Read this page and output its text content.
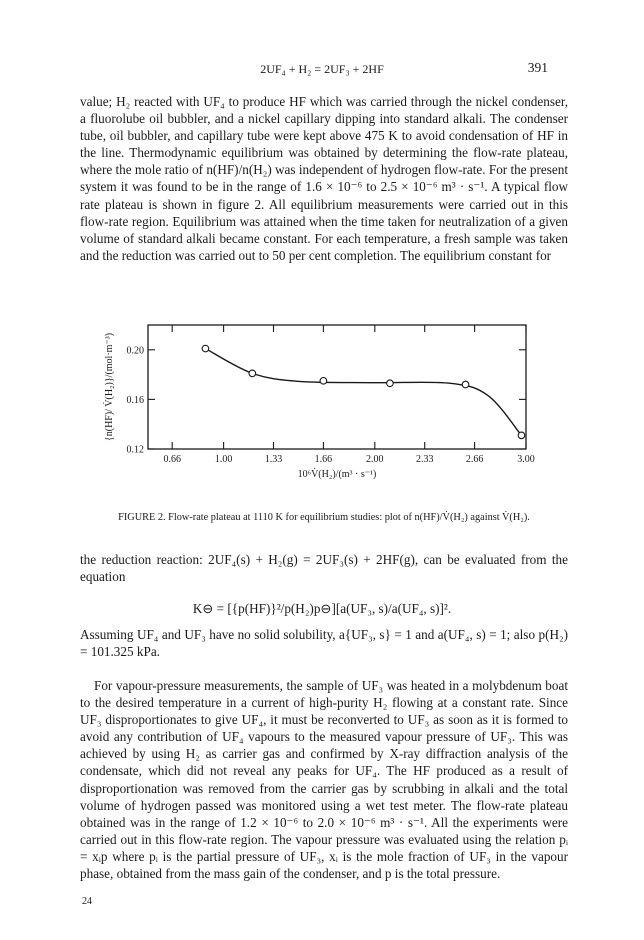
2UF₄ + H₂ = 2UF₃ + 2HF	391

value; H₂ reacted with UF₄ to produce HF which was carried through the nickel condenser, a fluorolube oil bubbler, and a nickel capillary dipping into standard alkali. The condenser tube, oil bubbler, and capillary tube were kept above 475 K to avoid condensation of HF in the line. Thermodynamic equilibrium was obtained by determining the flow-rate plateau, where the mole ratio of n(HF)/n(H₂) was independent of hydrogen flow-rate. For the present system it was found to be in the range of 1.6 × 10⁻⁶ to 2.5 × 10⁻⁶ m³ · s⁻¹. A typical flow rate plateau is shown in figure 2. All equilibrium measurements were carried out in this flow-rate region. Equilibrium was attained when the time taken for neutralization of a given volume of standard alkali became constant. For each temperature, a fresh sample was taken and the reduction was carried out to 50 per cent completion. The equilibrium constant for

0.66	1.00	1.33	1.66	2.00	2.33	2.66	3.00
0.12
0.16
0.20
10⁶V̇(H₂)/(m³ · s⁻¹)
{n(HF)/ V̇(H₂)}/(mol·m⁻³)
FIGURE 2. Flow-rate plateau at 1110 K for equilibrium studies: plot of n(HF)/V̇(H₂) against V̇(H₂).

the reduction reaction: 2UF₄(s) + H₂(g) = 2UF₃(s) + 2HF(g), can be evaluated from the equation

K⊖ = [{p(HF)}²/p(H₂)p⊖][a(UF₃, s)/a(UF₄, s)]².

Assuming UF₄ and UF₃ have no solid solubility, a{UF₃, s} = 1 and a(UF₄, s) = 1; also p(H₂) = 101.325 kPa.

For vapour-pressure measurements, the sample of UF₃ was heated in a molybdenum boat to the desired temperature in a current of high-purity H₂ flowing at a constant rate. Since UF₃ disproportionates to give UF₄, it must be reconverted to UF₃ as soon as it is formed to avoid any contribution of UF₄ vapours to the measured vapour pressure of UF₃. This was achieved by using H₂ as carrier gas and confirmed by X-ray diffraction analysis of the condensate, which did not reveal any peaks for UF₄. The HF produced as a result of disproportionation was removed from the carrier gas by scrubbing in alkali and the total volume of hydrogen passed was monitored using a wet test meter. The flow-rate plateau obtained was in the range of 1.2 × 10⁻⁶ to 2.0 × 10⁻⁶ m³ · s⁻¹. All the experiments were carried out in this flow-rate region. The vapour pressure was evaluated using the relation pᵢ = xᵢp where pᵢ is the partial pressure of UF₃, xᵢ is the mole fraction of UF₃ in the vapour phase, obtained from the mass gain of the condenser, and p is the total pressure.

24
